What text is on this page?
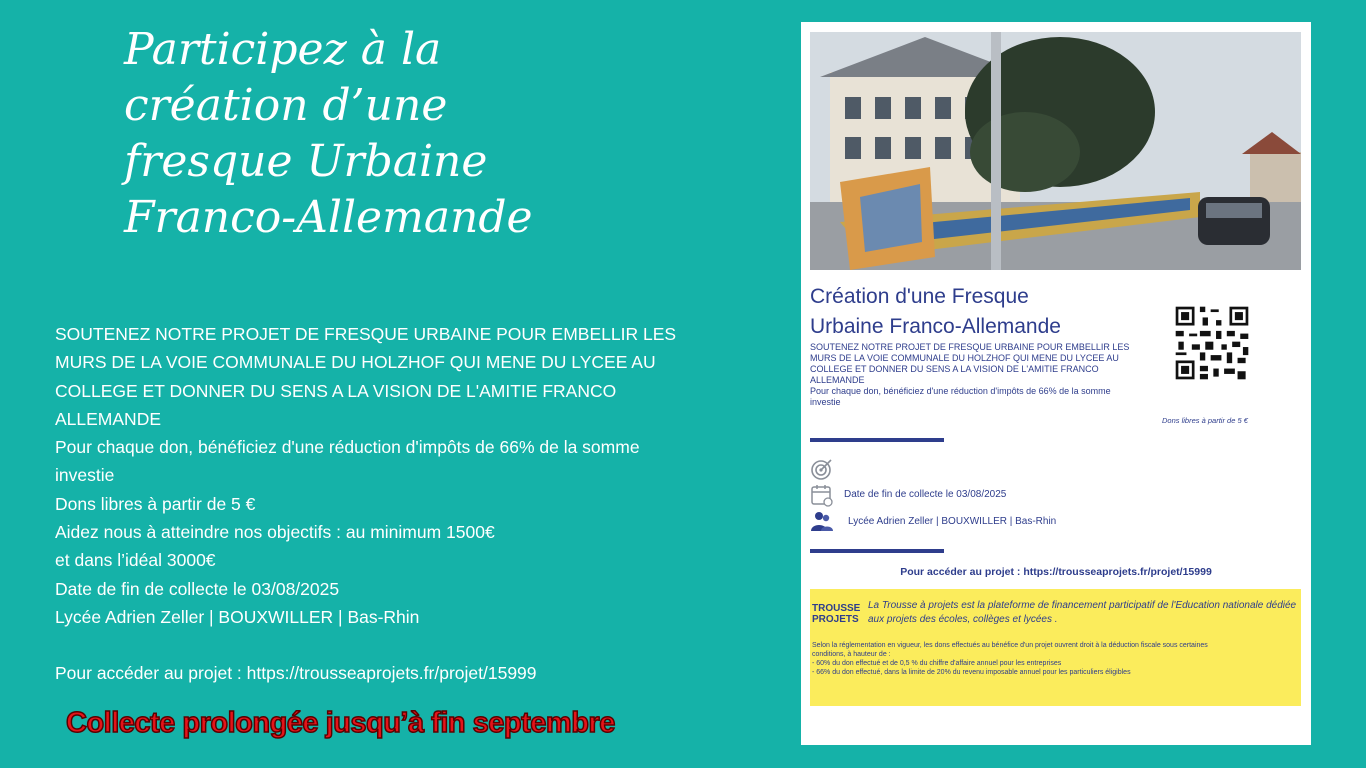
Participez à la
création d’une
fresque Urbaine
Franco-Allemande
SOUTENEZ NOTRE PROJET DE FRESQUE URBAINE POUR EMBELLIR LES
MURS DE LA VOIE COMMUNALE DU HOLZHOF QUI MENE DU LYCEE AU
COLLEGE ET DONNER DU SENS A LA VISION DE L'AMITIE FRANCO
ALLEMANDE
Pour chaque don, bénéficiez d'une réduction d'impôts de 66% de la somme
investie
Dons libres à partir de 5 €
Aidez nous à atteindre nos objectifs : au minimum 1500€
et dans l’idéal 3000€
Date de fin de collecte le 03/08/2025
Lycée Adrien Zeller | BOUXWILLER | Bas-Rhin
Pour accéder au projet : https://trousseaprojets.fr/projet/15999
Collecte prolongée jusqu’à fin septembre
Création d'une Fresque
Urbaine Franco-Allemande
SOUTENEZ NOTRE PROJET DE FRESQUE URBAINE POUR EMBELLIR LES
MURS DE LA VOIE COMMUNALE DU HOLZHOF QUI MENE DU LYCEE AU
COLLEGE ET DONNER DU SENS A LA VISION DE L'AMITIE FRANCO
ALLEMANDE
Pour chaque don, bénéficiez d'une réduction d'impôts de 66% de la somme
investie
Dons libres à partir de 5 €

Date de fin de collecte le 03/08/2025
Lycée Adrien Zeller | BOUXWILLER | Bas-Rhin
Pour accéder au projet : https://trousseaprojets.fr/projet/15999
TROUSSE
PROJETS
La Trousse à projets est la plateforme de financement participatif de l'Education nationale dédiée aux projets des écoles, collèges et lycées .
Selon la réglementation en vigueur, les dons effectués au bénéfice d'un projet ouvrent droit à la déduction fiscale sous certaines
conditions, à hauteur de :
- 60% du don effectué et de 0,5 % du chiffre d'affaire annuel pour les entreprises
- 66% du don effectué, dans la limite de 20% du revenu imposable annuel pour les particuliers éligibles
